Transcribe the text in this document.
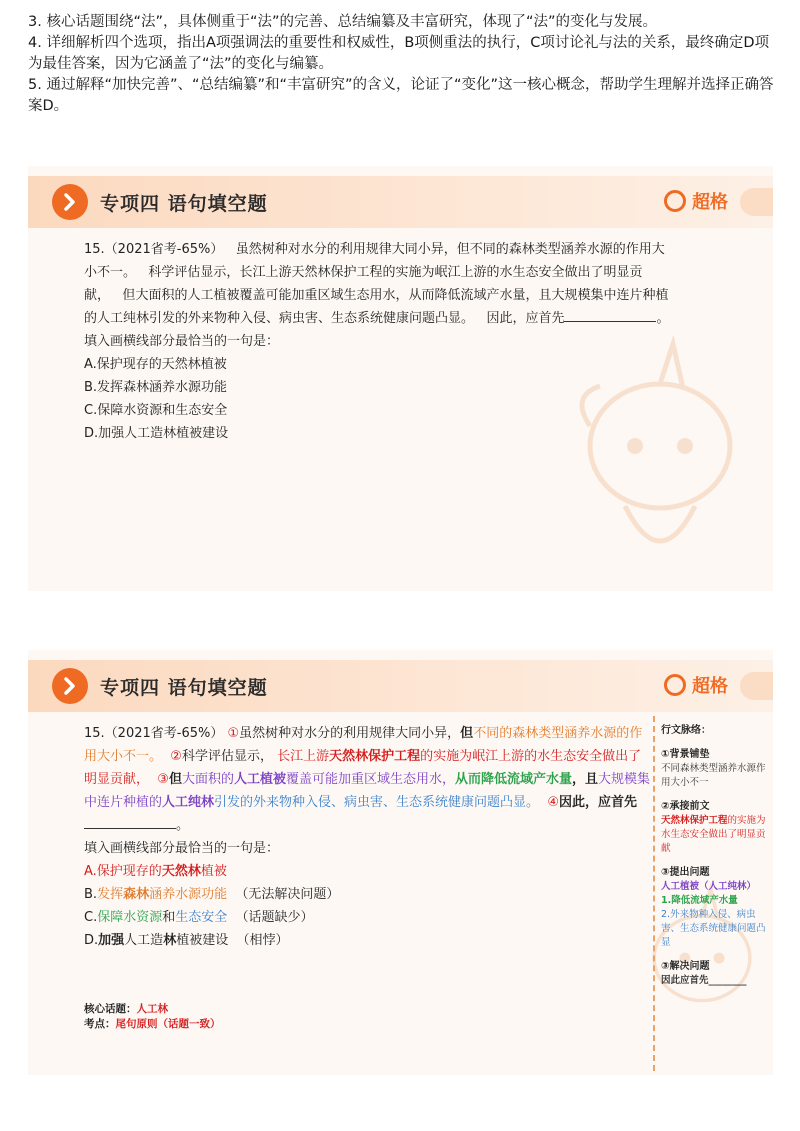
3. 核心话题围绕“法”，具体侧重于“法”的完善、总结编纂及丰富研究，体现了“法”的变化与发展。

4. 详细解析四个选项，指出A项强调法的重要性和权威性，B项侧重法的执行，C项讨论礼与法的关系，最终确定D项为最佳答案，因为它涵盖了“法”的变化与编纂。

5. 通过解释“加快完善”、“总结编纂”和“丰富研究”的含义，论证了“变化”这一核心概念，帮助学生理解并选择正确答案D。

专项四 语句填空题	超格

15.（2021省考-65%） 虽然树种对水分的利用规律大同小异，但不同的森林类型涵养水源的作用大小不一。 科学评估显示，长江上游天然林保护工程的实施为岷江上游的水生态安全做出了明显贡献， 但大面积的人工植被覆盖可能加重区域生态用水，从而降低流域产水量，且大规模集中连片种植的人工纯林引发的外来物种入侵、病虫害、生态系统健康问题凸显。 因此，应首先	。

填入画横线部分最恰当的一句是：

A.保护现存的天然林植被

B.发挥森林涵养水源功能

C.保障水资源和生态安全

D.加强人工造林植被建设

专项四 语句填空题	超格

15.（2021省考-65%） ①虽然树种对水分的利用规律大同小异，但不同的森林类型涵养水源的作用大小不一。 ②科学评估显示， 长江上游天然林保护工程的实施为岷江上游的水生态安全做出了明显贡献， ③但大面积的人工植被覆盖可能加重区域生态用水，从而降低流域产水量，且大规模集中连片种植的人工纯林引发的外来物种入侵、病虫害、生态系统健康问题凸显。 ④因此，应首先。

填入画横线部分最恰当的一句是：

A.保护现存的天然林植被

B.发挥森林涵养水源功能 （无法解决问题）

C.保障水资源和生态安全 （话题缺少）

D.加强人工造林植被建设 （相悖）

核心话题：人工林
考点：尾句原则（话题一致）
行文脉络：
①背景铺垫
不同森林类型涵养水源作用大小不一
②承接前文
天然林保护工程的实施为水生态安全做出了明显贡献
③提出问题
人工植被（人工纯林）
1.降低流域产水量
2.外来物种入侵、病虫害、生态系统健康问题凸显
③解决问题
因此应首先________
